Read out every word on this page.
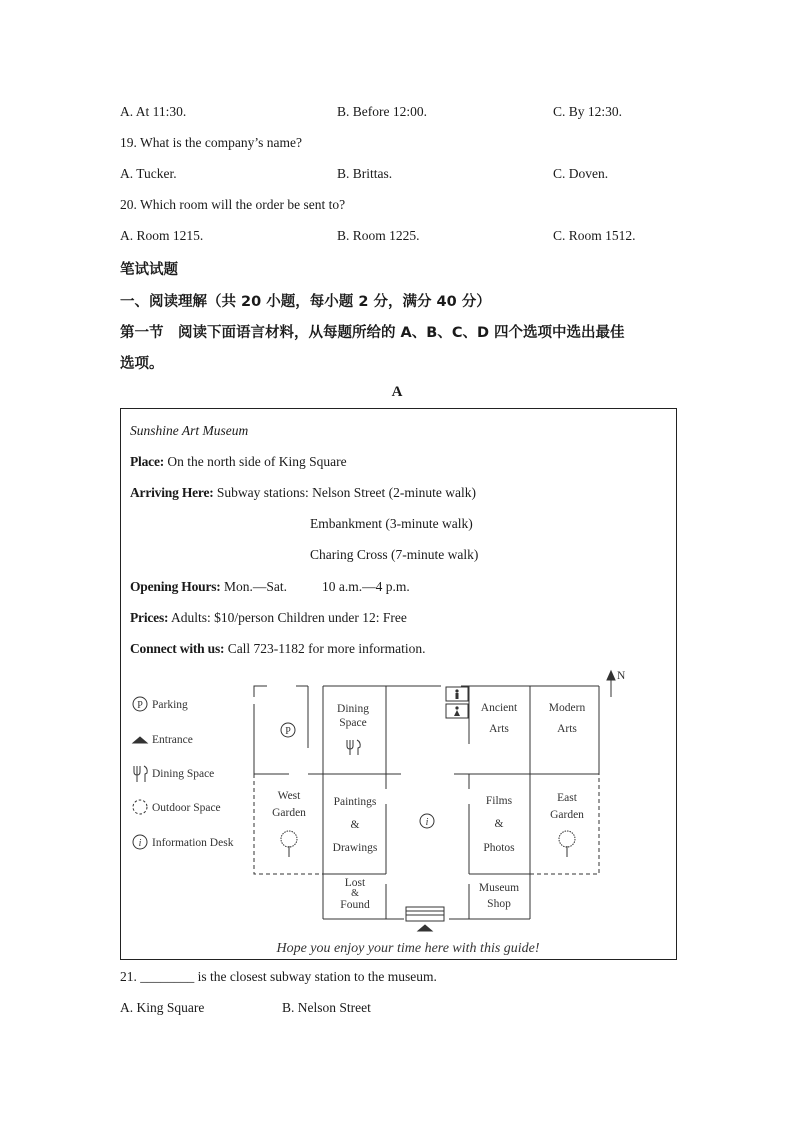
A. At 11:30.	B. Before 12:00.	C. By 12:30.
19. What is the company’s name?
A. Tucker.	B. Brittas.	C. Doven.
20. Which room will the order be sent to?
A. Room 1215.	B. Room 1225.	C. Room 1512.
笔试试题
一、阅读理解（共 20 小题，每小题 2 分，满分 40 分）
第一节　阅读下面语言材料，从每题所给的 A、B、C、D 四个选项中选出最佳
选项。
A
Sunshine Art Museum
Place: On the north side of King Square
Arriving Here: Subway stations: Nelson Street (2-minute walk)
Embankment (3-minute walk)
Charing Cross (7-minute walk)
Opening Hours: Mon.—Sat.	10 a.m.—4 p.m.
Prices: Adults: $10/person Children under 12: Free
Connect with us: Call 723-1182 for more information.
P
i
P
i
Parking
Entrance
Dining Space
Outdoor Space
Information Desk
N
Dining
Space
Ancient
Arts
Modern
Arts
West
Garden
Paintings
&
Drawings
Films
&
Photos
East
Garden
Lost
&
Found
Museum
Shop
Hope you enjoy your time here with this guide!
21. ________ is the closest subway station to the museum.
A. King Square	B. Nelson Street
